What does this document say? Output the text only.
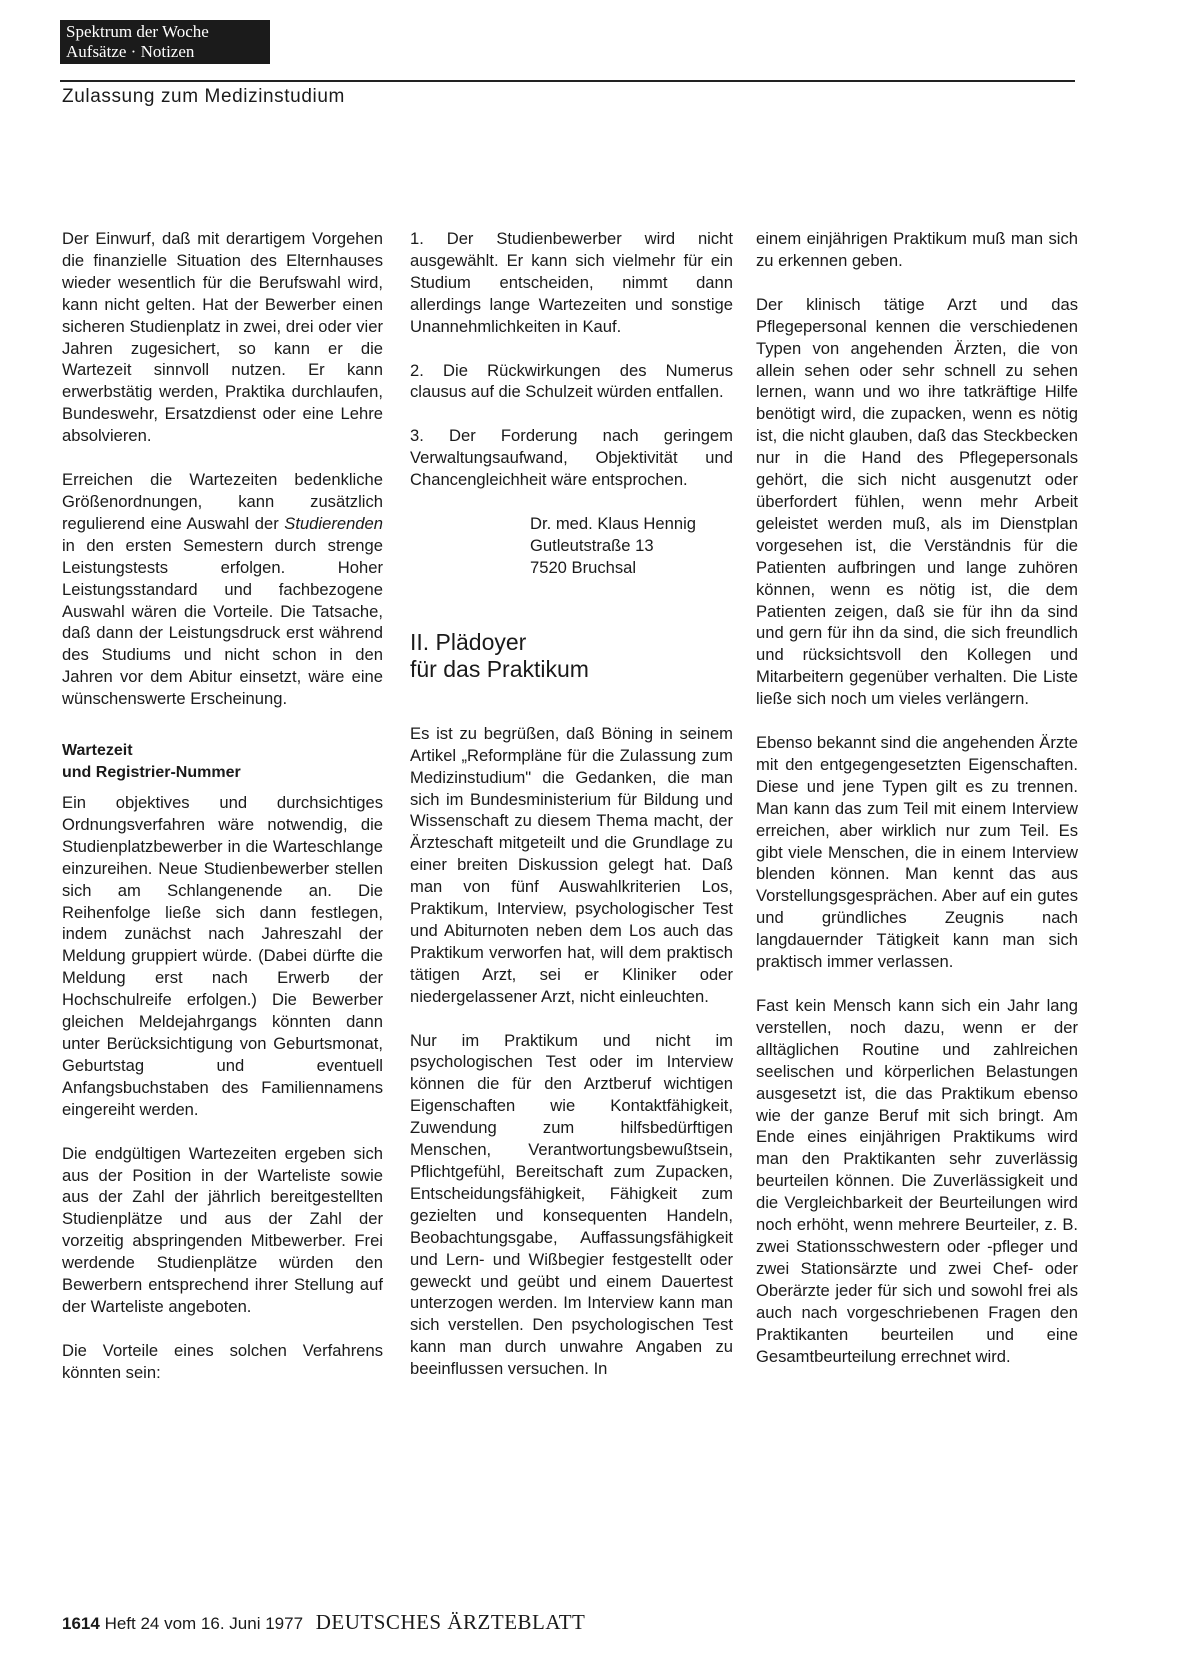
Spektrum der Woche
Aufsätze · Notizen
Zulassung zum Medizinstudium

Der Einwurf, daß mit derartigem Vorgehen die finanzielle Situation des Elternhauses wieder wesentlich für die Berufswahl wird, kann nicht gelten. Hat der Bewerber einen sicheren Studienplatz in zwei, drei oder vier Jahren zugesichert, so kann er die Wartezeit sinnvoll nutzen. Er kann erwerbstätig werden, Praktika durchlaufen, Bundeswehr, Ersatzdienst oder eine Lehre absolvieren.

Erreichen die Wartezeiten bedenkliche Größenordnungen, kann zusätzlich regulierend eine Auswahl der Studierenden in den ersten Semestern durch strenge Leistungstests erfolgen. Hoher Leistungsstandard und fachbezogene Auswahl wären die Vorteile. Die Tatsache, daß dann der Leistungsdruck erst während des Studiums und nicht schon in den Jahren vor dem Abitur einsetzt, wäre eine wünschenswerte Erscheinung.

Wartezeit
und Registrier-Nummer

Ein objektives und durchsichtiges Ordnungsverfahren wäre notwendig, die Studienplatzbewerber in die Warteschlange einzureihen. Neue Studienbewerber stellen sich am Schlangenende an. Die Reihenfolge ließe sich dann festlegen, indem zunächst nach Jahreszahl der Meldung gruppiert würde. (Dabei dürfte die Meldung erst nach Erwerb der Hochschulreife erfolgen.) Die Bewerber gleichen Meldejahrgangs könnten dann unter Berücksichtigung von Geburtsmonat, Geburtstag und eventuell Anfangsbuchstaben des Familiennamens eingereiht werden.

Die endgültigen Wartezeiten ergeben sich aus der Position in der Warteliste sowie aus der Zahl der jährlich bereitgestellten Studienplätze und aus der Zahl der vorzeitig abspringenden Mitbewerber. Frei werdende Studienplätze würden den Bewerbern entsprechend ihrer Stellung auf der Warteliste angeboten.

Die Vorteile eines solchen Verfahrens könnten sein:

1. Der Studienbewerber wird nicht ausgewählt. Er kann sich vielmehr für ein Studium entscheiden, nimmt dann allerdings lange Wartezeiten und sonstige Unannehmlichkeiten in Kauf.

2. Die Rückwirkungen des Numerus clausus auf die Schulzeit würden entfallen.

3. Der Forderung nach geringem Verwaltungsaufwand, Objektivität und Chancengleichheit wäre entsprochen.

Dr. med. Klaus Hennig
Gutleutstraße 13
7520 Bruchsal
II. Plädoyer
für das Praktikum

Es ist zu begrüßen, daß Böning in seinem Artikel „Reformpläne für die Zulassung zum Medizinstudium" die Gedanken, die man sich im Bundesministerium für Bildung und Wissenschaft zu diesem Thema macht, der Ärzteschaft mitgeteilt und die Grundlage zu einer breiten Diskussion gelegt hat. Daß man von fünf Auswahlkriterien Los, Praktikum, Interview, psychologischer Test und Abiturnoten neben dem Los auch das Praktikum verworfen hat, will dem praktisch tätigen Arzt, sei er Kliniker oder niedergelassener Arzt, nicht einleuchten.

Nur im Praktikum und nicht im psychologischen Test oder im Interview können die für den Arztberuf wichtigen Eigenschaften wie Kontaktfähigkeit, Zuwendung zum hilfsbedürftigen Menschen, Verantwortungsbewußtsein, Pflichtgefühl, Bereitschaft zum Zupacken, Entscheidungsfähigkeit, Fähigkeit zum gezielten und konsequenten Handeln, Beobachtungsgabe, Auffassungsfähigkeit und Lern- und Wißbegier festgestellt oder geweckt und geübt und einem Dauertest unterzogen werden. Im Interview kann man sich verstellen. Den psychologischen Test kann man durch unwahre Angaben zu beeinflussen versuchen. In

einem einjährigen Praktikum muß man sich zu erkennen geben.

Der klinisch tätige Arzt und das Pflegepersonal kennen die verschiedenen Typen von angehenden Ärzten, die von allein sehen oder sehr schnell zu sehen lernen, wann und wo ihre tatkräftige Hilfe benötigt wird, die zupacken, wenn es nötig ist, die nicht glauben, daß das Steckbecken nur in die Hand des Pflegepersonals gehört, die sich nicht ausgenutzt oder überfordert fühlen, wenn mehr Arbeit geleistet werden muß, als im Dienstplan vorgesehen ist, die Verständnis für die Patienten aufbringen und lange zuhören können, wenn es nötig ist, die dem Patienten zeigen, daß sie für ihn da sind und gern für ihn da sind, die sich freundlich und rücksichtsvoll den Kollegen und Mitarbeitern gegenüber verhalten. Die Liste ließe sich noch um vieles verlängern.

Ebenso bekannt sind die angehenden Ärzte mit den entgegengesetzten Eigenschaften. Diese und jene Typen gilt es zu trennen. Man kann das zum Teil mit einem Interview erreichen, aber wirklich nur zum Teil. Es gibt viele Menschen, die in einem Interview blenden können. Man kennt das aus Vorstellungsgesprächen. Aber auf ein gutes und gründliches Zeugnis nach langdauernder Tätigkeit kann man sich praktisch immer verlassen.

Fast kein Mensch kann sich ein Jahr lang verstellen, noch dazu, wenn er der alltäglichen Routine und zahlreichen seelischen und körperlichen Belastungen ausgesetzt ist, die das Praktikum ebenso wie der ganze Beruf mit sich bringt. Am Ende eines einjährigen Praktikums wird man den Praktikanten sehr zuverlässig beurteilen können. Die Zuverlässigkeit und die Vergleichbarkeit der Beurteilungen wird noch erhöht, wenn mehrere Beurteiler, z. B. zwei Stationsschwestern oder -pfleger und zwei Stationsärzte und zwei Chef- oder Oberärzte jeder für sich und sowohl frei als auch nach vorgeschriebenen Fragen den Praktikanten beurteilen und eine Gesamtbeurteilung errechnet wird.

1614 Heft 24 vom 16. Juni 1977 DEUTSCHES ÄRZTEBLATT
